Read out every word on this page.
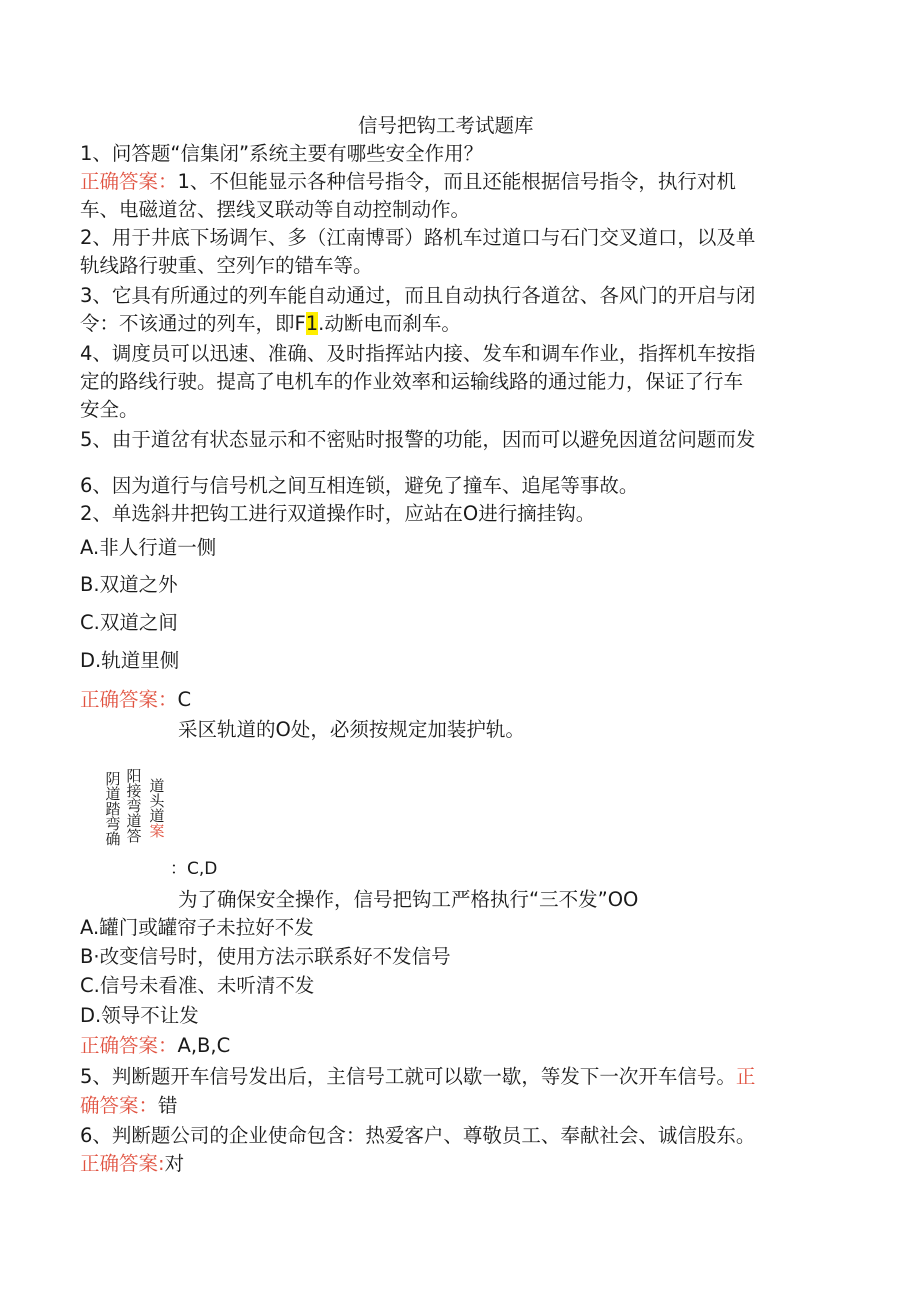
信号把钩工考试题库
1、问答题“信集闭”系统主要有哪些安全作用？
正确答案：1、不但能显示各种信号指令，而且还能根据信号指令，执行对机
车、电磁道岔、摆线叉联动等自动控制动作。
2、用于井底下场调乍、多（江南博哥）路机车过道口与石门交叉道口，以及单
轨线路行驶重、空列乍的错车等。
3、它具有所通过的列车能自动通过，而且自动执行各道岔、各风门的开启与闭
令：不该通过的列车，即F1.动断电而刹车。
4、调度员可以迅速、准确、及时指挥站内接、发车和调车作业，指挥机车按指
定的路线行驶。提高了电机车的作业效率和运输线路的通过能力，保证了行车
安全。
5、由于道岔有状态显示和不密贴时报警的功能，因而可以避免因道岔问题而发
6、因为道行与信号机之间互相连锁，避免了撞车、追尾等事故。
2、单选斜井把钩工进行双道操作时，应站在O进行摘挂钩。
A.非人行道一侧
B.双道之外
C.双道之间
D.轨道里侧
正确答案：C
采区轨道的O处，必须按规定加装护轨。
阴道踏弯确
阳接弯道答
道头道案
：C,D
为了确保安全操作，信号把钩工严格执行“三不发”OO
A.罐门或罐帘子未拉好不发
B·改变信号时，使用方法示联系好不发信号
C.信号未看准、未听清不发
D.领导不让发
正确答案：A,B,C
5、判断题开车信号发出后，主信号工就可以歇一歇，等发下一次开车信号。正
确答案：错
6、判断题公司的企业使命包含：热爱客户、尊敬员工、奉献社会、诚信股东。
正确答案:对
